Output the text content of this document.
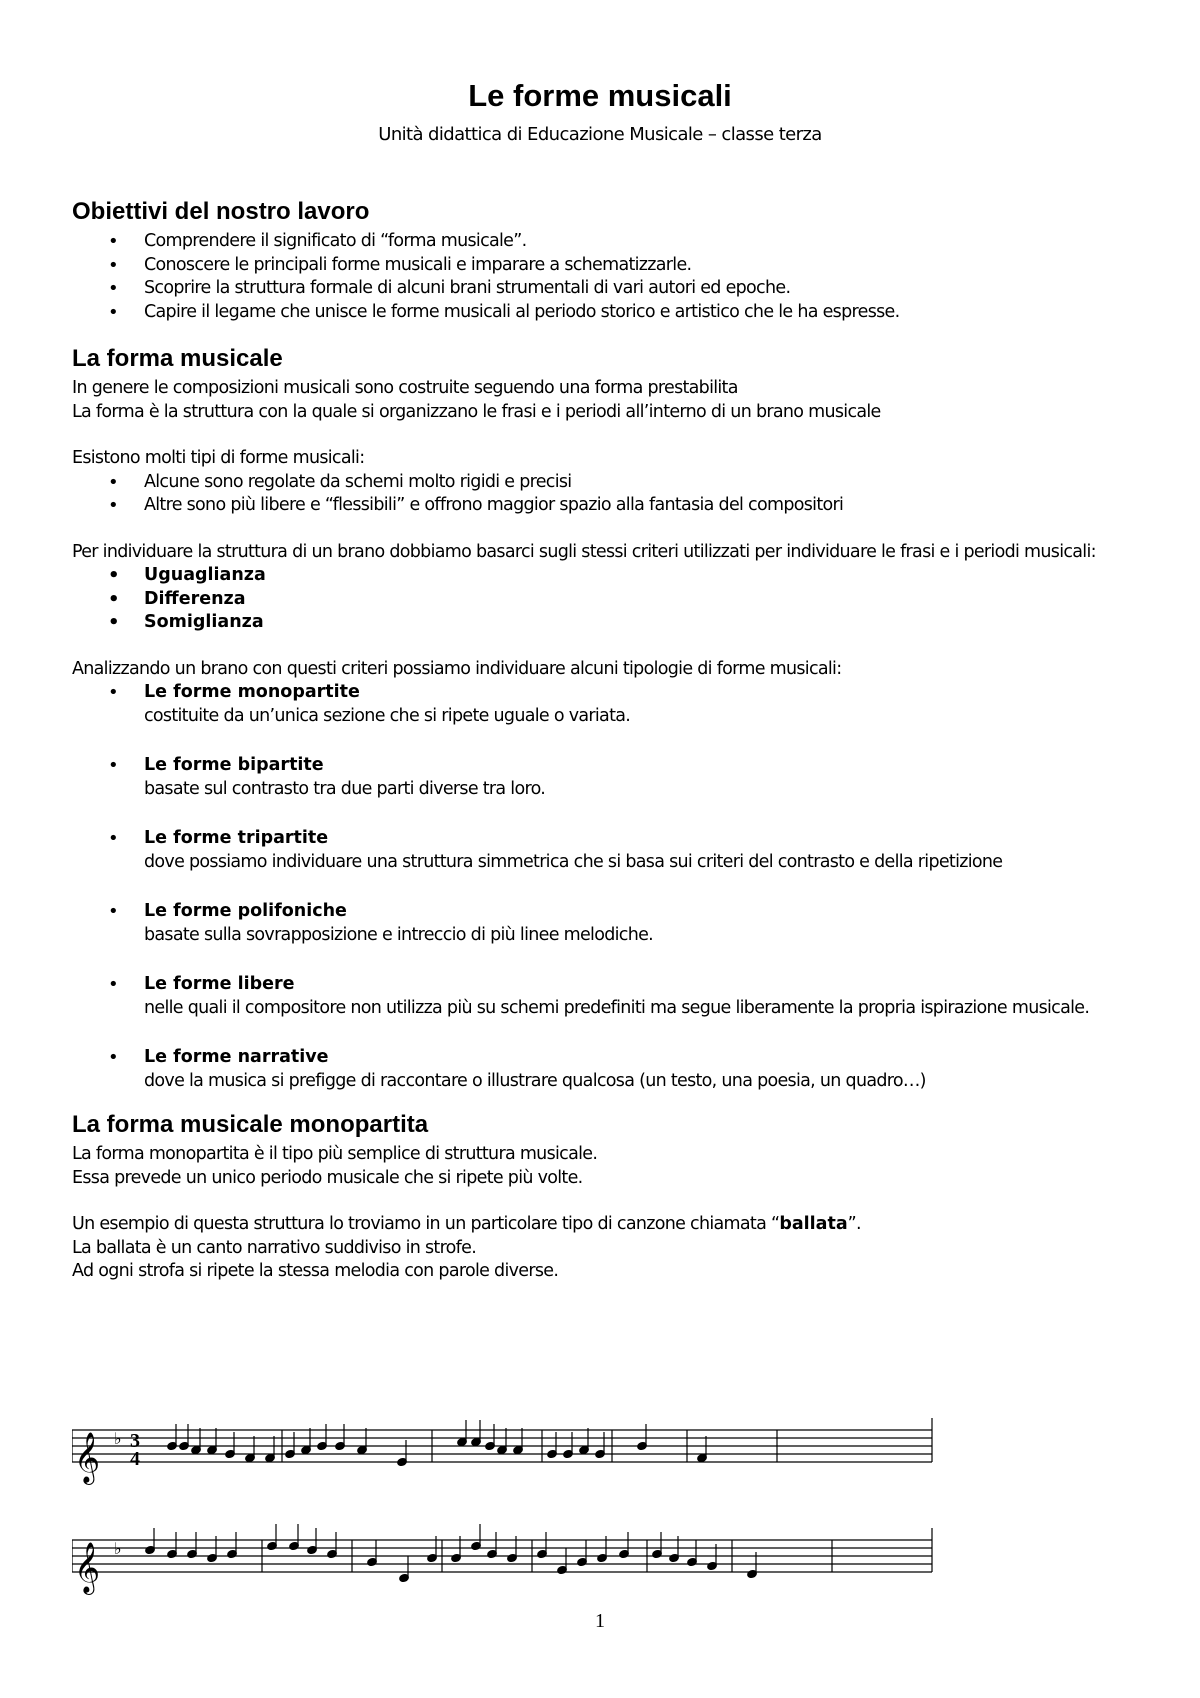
Le forme musicali
Unità didattica di Educazione Musicale – classe terza
Obiettivi del nostro lavoro
• Comprendere il significato di “forma musicale”.
• Conoscere le principali forme musicali e imparare a schematizzarle.
• Scoprire la struttura formale di alcuni brani strumentali di vari autori ed epoche.
• Capire il legame che unisce le forme musicali al periodo storico e artistico che le ha espresse.
La forma musicale

In genere le composizioni musicali sono costruite seguendo una forma prestabilita

La forma è la struttura con la quale si organizzano le frasi e i periodi all’interno di un brano musicale

Esistono molti tipi di forme musicali:

• Alcune sono regolate da schemi molto rigidi e precisi
• Altre sono più libere e “flessibili” e offrono maggior spazio alla fantasia del compositori

Per individuare la struttura di un brano dobbiamo basarci sugli stessi criteri utilizzati per individuare le frasi e i periodi musicali:

• Uguaglianza
• Differenza
• Somiglianza

Analizzando un brano con questi criteri possiamo individuare alcuni tipologie di forme musicali:

• Le forme monopartite
costituite da un’unica sezione che si ripete uguale o variata.
• Le forme bipartite
basate sul contrasto tra due parti diverse tra loro.
• Le forme tripartite
dove possiamo individuare una struttura simmetrica che si basa sui criteri del contrasto e della ripetizione
• Le forme polifoniche
basate sulla sovrapposizione e intreccio di più linee melodiche.
• Le forme libere
nelle quali il compositore non utilizza più su schemi predefiniti ma segue liberamente la propria ispirazione musicale.
• Le forme narrative
dove la musica si prefigge di raccontare o illustrare qualcosa (un testo, una poesia, un quadro…)
La forma musicale monopartita

La forma monopartita è il tipo più semplice di struttura musicale.

Essa prevede un unico periodo musicale che si ripete più volte.

Un esempio di questa struttura lo troviamo in un particolare tipo di canzone chiamata “ballata”.

La ballata è un canto narrativo suddiviso in strofe.

Ad ogni strofa si ripete la stessa melodia con parole diverse.

3
4
𝄞
𝄞
♭
♭
1
